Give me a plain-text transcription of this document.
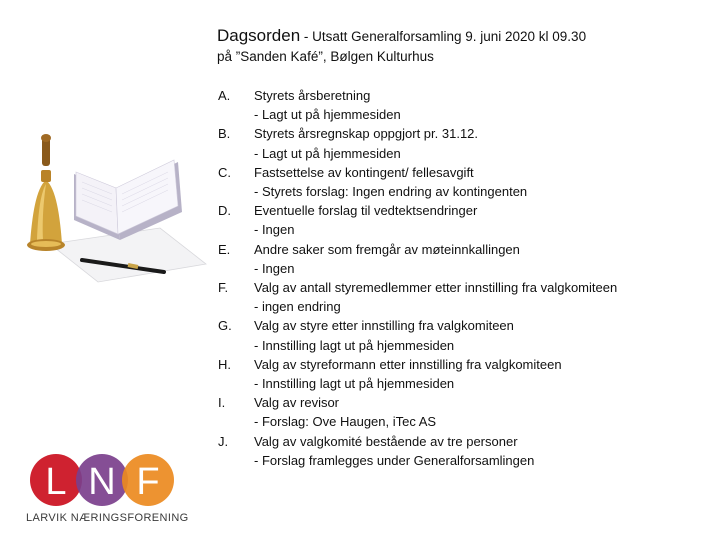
Dagsorden - Utsatt Generalforsamling 9. juni 2020 kl 09.30
på ”Sanden Kafé”, Bølgen Kulturhus
A.	Styrets årsberetning
- Lagt ut på hjemmesiden
B.	Styrets årsregnskap oppgjort pr. 31.12.
- Lagt ut på hjemmesiden
C.	Fastsettelse av kontingent/ fellesavgift
- Styrets forslag: Ingen endring av kontingenten
D.	Eventuelle forslag til vedtektsendringer
- Ingen
E.	Andre saker som fremgår av møteinnkallingen
- Ingen
F.	Valg av antall styremedlemmer etter innstilling fra valgkomiteen
- ingen endring
G.	Valg av styre etter innstilling fra valgkomiteen
- Innstilling lagt ut på hjemmesiden
H.	Valg av styreformann etter innstilling fra valgkomiteen
- Innstilling lagt ut på hjemmesiden
I.	Valg av revisor
- Forslag: Ove Haugen, iTec AS
J.	Valg av valgkomité bestående av tre personer
- Forslag framlegges under Generalforsamlingen
L N F
LARVIK NÆRINGSFORENING
